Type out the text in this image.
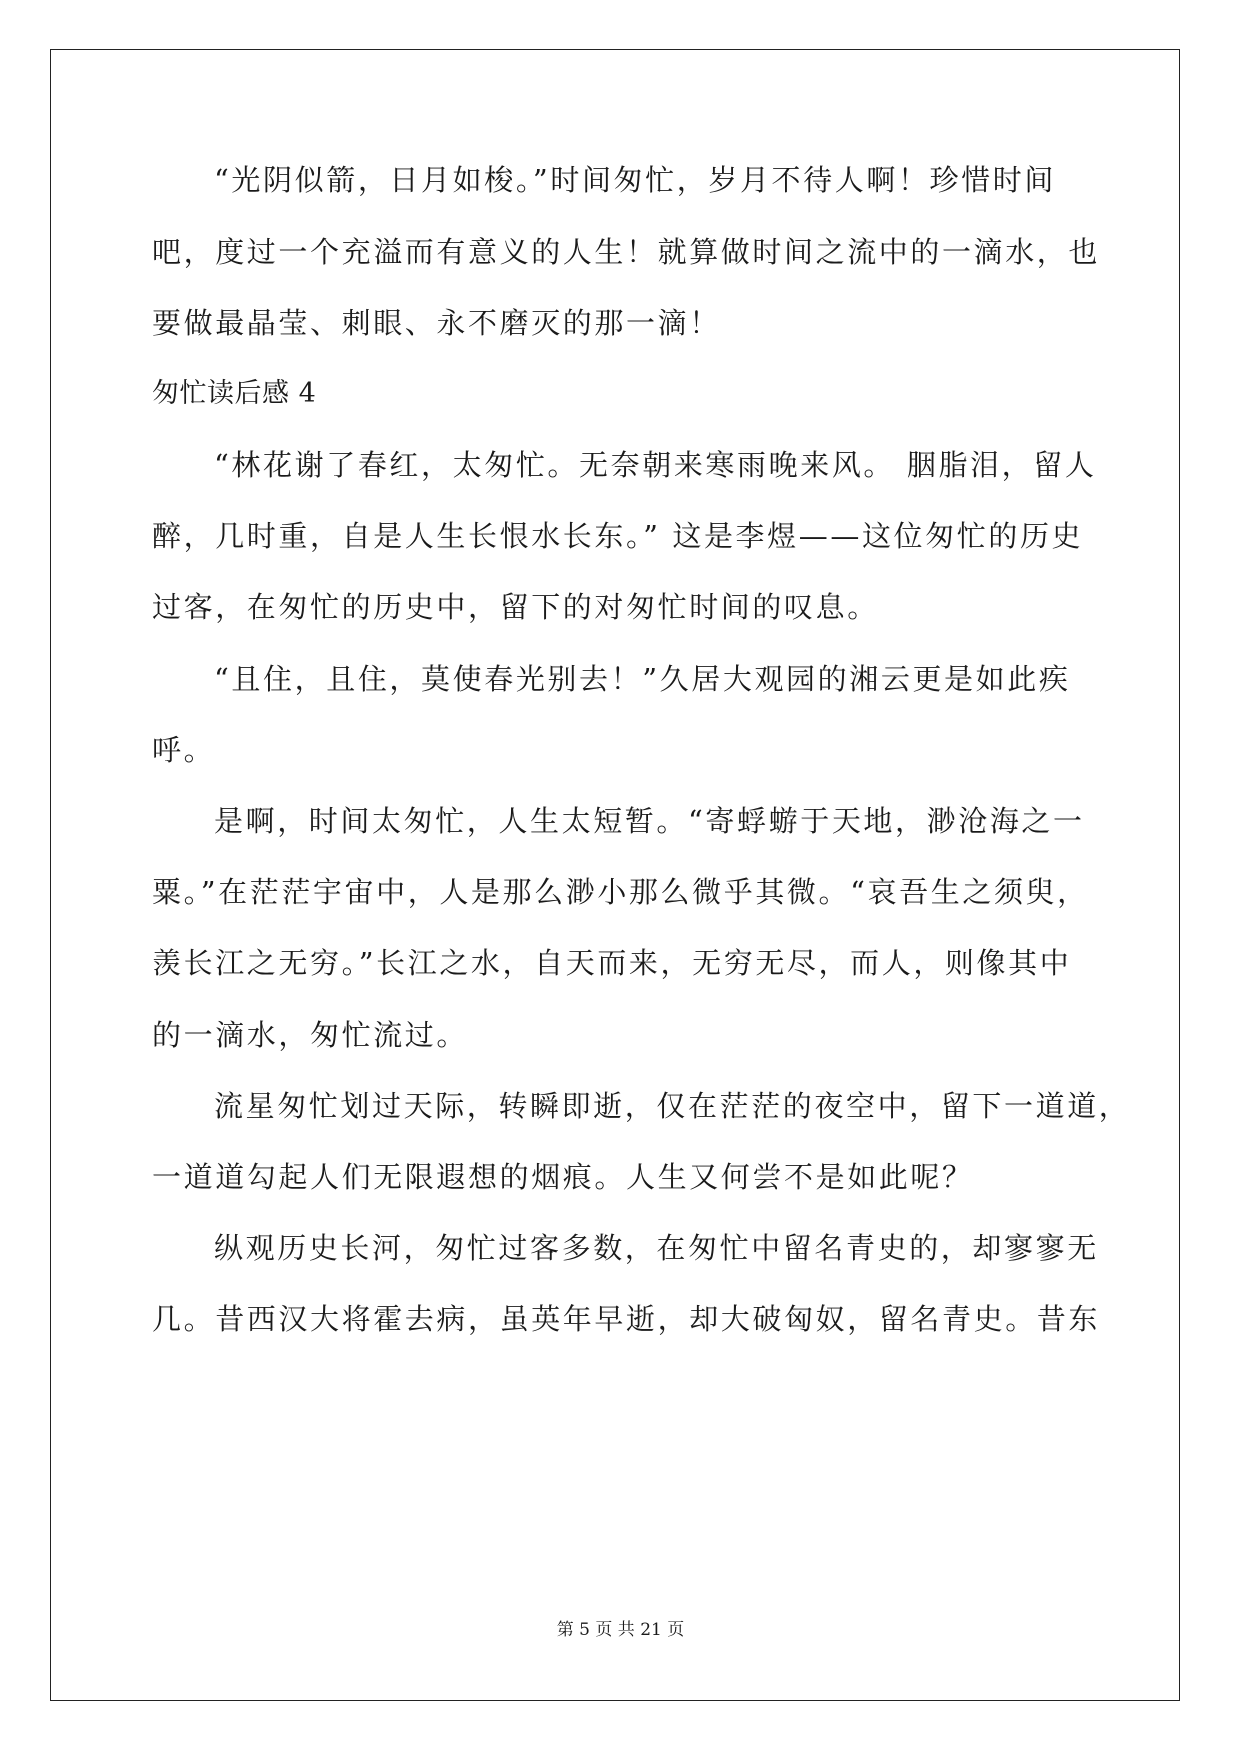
“光阴似箭，日月如梭。”时间匆忙，岁月不待人啊！珍惜时间
吧，度过一个充溢而有意义的人生！就算做时间之流中的一滴水，也
要做最晶莹、刺眼、永不磨灭的那一滴！
匆忙读后感 4
“林花谢了春红，太匆忙。无奈朝来寒雨晚来风。 胭脂泪，留人
醉，几时重，自是人生长恨水长东。” 这是李煜——这位匆忙的历史
过客，在匆忙的历史中，留下的对匆忙时间的叹息。
“且住，且住，莫使春光别去！”久居大观园的湘云更是如此疾
呼。
是啊，时间太匆忙，人生太短暂。“寄蜉蝣于天地，渺沧海之一
粟。”在茫茫宇宙中，人是那么渺小那么微乎其微。“哀吾生之须臾，
羡长江之无穷。”长江之水，自天而来，无穷无尽，而人，则像其中
的一滴水，匆忙流过。
流星匆忙划过天际，转瞬即逝，仅在茫茫的夜空中，留下一道道，
一道道勾起人们无限遐想的烟痕。人生又何尝不是如此呢？
纵观历史长河，匆忙过客多数，在匆忙中留名青史的，却寥寥无
几。昔西汉大将霍去病，虽英年早逝，却大破匈奴，留名青史。昔东
第 5 页 共 21 页
